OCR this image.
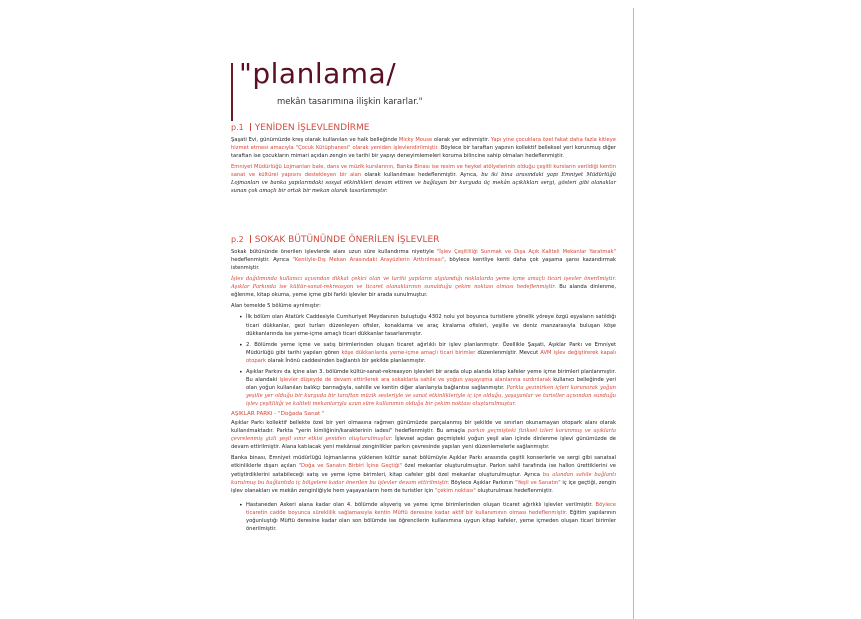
"planlama/
mekân tasarımına ilişkin kararlar."
p.1 YENİDEN İŞLEVLENDİRME

Şaşati Evi, günümüzde kreş olarak kullanılan ve halk belleğinde Micky Mouse olarak yer edinmiştir. Yapı yine çocuklara özel fakat daha fazla kitleye hizmet etmesi amacıyla "Çocuk Kütüphanesi" olarak yeniden işlevlendirilmiştir. Böylece bir taraftan yapının kollektif belleksel yeri korunmuş diğer taraftan ise çocukların mimari açıdan zengin ve tarihi bir yapıyı deneyimlemeleri koruma bilincine sahip olmaları hedeflenmiştir.

Emniyet Müdürlüğü Lojmanları bale, dans ve müzik kurslarının, Banka Binası ise resim ve heykel atölyelerinin olduğu çeşitli kursların verildiği kentin sanat ve kültürel yapısını destekleyen bir alan olarak kullanılması hedeflenmiştir. Ayrıca, bu iki bina arasındaki yapı Emniyet Müdürlüğü Lojmanları ve banka yapılarındaki sosyal etkinlikleri devam ettiren ve bağlayan bir kurguda üç mekân açıklıkları sergi, gösteri gibi olanaklar sunan çok amaçlı bir ortak bir mekan olarak tasarlanmıştır.

p.2 SOKAK BÜTÜNÜNDE ÖNERİLEN İŞLEVLER

Sokak bütününde önerilen işlevlerde alanı uzun süre kullandırma niyetiyle "İşlev Çeşitliliği Sunmak ve Dışa Açık Kaliteli Mekanlar Yaratmak" hedeflenmiştir. Ayrıca "Kentiyle-Dış Mekan Arasındaki Arayüzlerin Arttırılması", böylece kentliye kenti daha çok yaşama şansı kazandırmak istenmiştir.

İşlev dağılımında kullanıcı açısından dikkat çekici olan ve tarihi yapıların algılandığı noktalarda yeme içme amaçlı ticari işevler önerilmiştir. Aşıklar Parkında ise kültür-sanat-rekreasyon ve ticaret olanaklarının sunulduğu çekim noktası olması hedeflenmiştir. Bu alanda dinlenme, eğlenme, kitap okuma, yeme içme gibi farklı işlevler bir arada sunulmuştur.

Alan temelde 5 bölüme ayrılmıştır:

• İlk bölüm olan Atatürk Caddesiyle Cumhuriyet Meydanının buluştuğu 4302 nolu yol boyunca turistlere yönelik yöreye özgü eşyaların satıldığı ticari dükkanlar, gezi turları düzenleyen ofisler, konaklama ve araç kiralama ofisleri, yeşille ve deniz manzarasıyla buluşan köşe dükkanlarında ise yeme-içme amaçlı ticari dükkanlar tasarlanmıştır.
• 2. Bölümde yeme içme ve satış birimlerinden oluşan ticaret ağırlıklı bir işlev planlanmıştır. Özellikle Şaşati, Aşıklar Parkı ve Emniyet Müdürlüğü gibi tarihi yapıları gören köşe dükkanlarda yeme-içme amaçlı ticari birimler düzenlenmiştir. Mevcut AVM işlev değiştirerek kapalı otopark olarak İnönü caddesinden bağlantılı bir şekilde planlanmıştır.
• Aşıklar Parkını da içine alan 3. bölümde kültür-sanat-rekreasyon işlevleri bir arada olup alanda kitap kafeler yeme içme birimleri planlanmıştır. Bu alandaki işlevler düşeyde de devam ettirilerek ara sokaklarla sahile ve yoğun yaşayışma alanlarına sızdırılarak kullanıcı belleğinde yeri olan yoğun kullanılan balıkçı barınağıyla, sahille ve kentin diğer alanlarıyla bağlantısı sağlanmıştır. Parkta gezinirken içleri korunarak yoğun yeşille yer olduğu bir kurguda bir taraftan müzik sesleriyle ve sanat etkinlikleriyle iç içe olduğu, yaşayanlar ve turistler açısından sunduğu işlev çeşitliliği ve kaliteli mekanlarıyla uzun süre kullanımın olduğu bir çekim noktası oluşturulmuştur.
AŞIKLAR PARKI - "Doğada Sanat "

Aşıklar Parkı kollektif bellekte özel bir yeri olmasına rağmen günümüzde parçalanmış bir şekilde ve sınırları okunamayan otopark alanı olarak kullanılmaktadır. Parkta "yerin kimliğinin/karakterinin iadesi" hedeflenmiştir. Bu amaçla parkın geçmişteki fiziksel izleri korunmuş ve aşıklarla çevrelenmiş gizli yeşil sınır etkisi yeniden oluşturulmuştur. İşlevsel açıdan geçmişteki yoğun yeşil alan içinde dinlenme işlevi günümüzde de devam ettirilmiştir. Alana katılacak yeni mekânsal zenginlikler parkın çevresinde yapılan yeni düzenlemelerle sağlanmıştır.

Banka binası, Emniyet müdürlüğü lojmanlarına yüklenen kültür sanat bölümüyle Aşıklar Parkı arasında çeşitli konserlerle ve sergi gibi sanatsal etkinliklerle dışarı açılan "Doğa ve Sanatın Birbiri İçine Geçtiği" özel mekanlar oluşturulmuştur. Parkın sahil tarafında ise halkın ürettiklerini ve yetiştirdiklerini satabileceği satış ve yeme içme birimleri, kitap cafeler gibi özel mekanlar oluşturulmuştur. Ayrıca bu alandan sahile bağlantı kurulmuş bu bağlantıda iç bölgelere kadar önerilen bu işlevler devam ettirilmiştir. Böylece Aşıklar Parkının "Yeşil ve Sanatın" iç içe geçtiği, zengin işlev olanakları ve mekân zenginliğiyle hem yaşayanların hem de turistler için "çekim noktası" oluşturulması hedeflenmiştir.

• Hastaneden Askeri alana kadar olan 4. bölümde alışveriş ve yeme içme birimlerinden oluşan ticaret ağırlıklı işlevler verilmiştir. Böylece ticaretin cadde boyunca süreklilik sağlamasıyla kentin Müftü deresine kadar aktif bir kullanımının olması hedeflenmiştir. Eğitim yapılarının yoğunluştığı Müftü deresine kadar olan son bölümde ise öğrencilerin kullanımına uygun kitap kafeler, yeme içmeden oluşan ticari birimler önerilmiştir.
